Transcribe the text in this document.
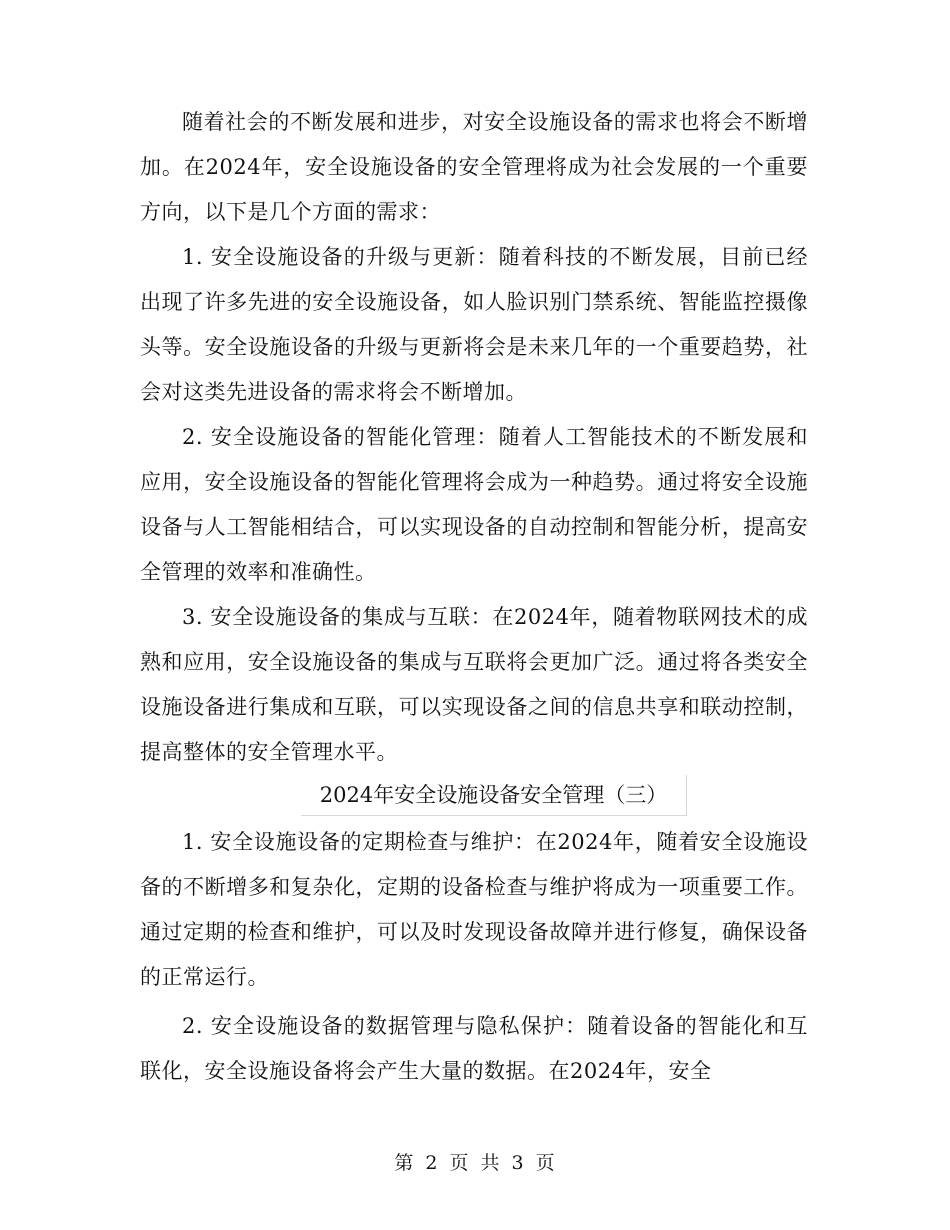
随着社会的不断发展和进步，对安全设施设备的需求也将会不断增加。在2024年，安全设施设备的安全管理将成为社会发展的一个重要方向，以下是几个方面的需求：

1. 安全设施设备的升级与更新：随着科技的不断发展，目前已经出现了许多先进的安全设施设备，如人脸识别门禁系统、智能监控摄像头等。安全设施设备的升级与更新将会是未来几年的一个重要趋势，社会对这类先进设备的需求将会不断增加。

2. 安全设施设备的智能化管理：随着人工智能技术的不断发展和应用，安全设施设备的智能化管理将会成为一种趋势。通过将安全设施设备与人工智能相结合，可以实现设备的自动控制和智能分析，提高安全管理的效率和准确性。

3. 安全设施设备的集成与互联：在2024年，随着物联网技术的成熟和应用，安全设施设备的集成与互联将会更加广泛。通过将各类安全设施设备进行集成和互联，可以实现设备之间的信息共享和联动控制，提高整体的安全管理水平。

2024年安全设施设备安全管理（三）

1. 安全设施设备的定期检查与维护：在2024年，随着安全设施设备的不断增多和复杂化，定期的设备检查与维护将成为一项重要工作。通过定期的检查和维护，可以及时发现设备故障并进行修复，确保设备的正常运行。

2. 安全设施设备的数据管理与隐私保护：随着设备的智能化和互联化，安全设施设备将会产生大量的数据。在2024年，安全

第 2 页 共 3 页
